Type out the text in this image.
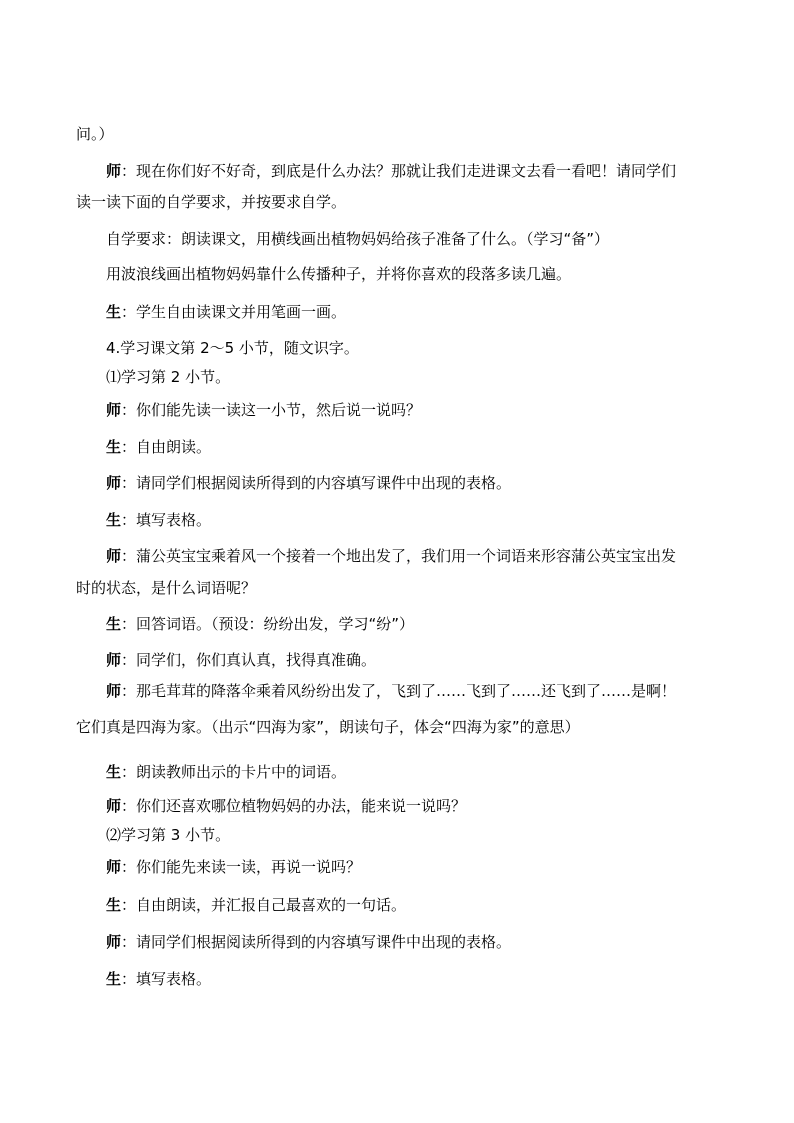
问。）
师：现在你们好不好奇，到底是什么办法？那就让我们走进课文去看一看吧！请同学们
读一读下面的自学要求，并按要求自学。
自学要求：朗读课文，用横线画出植物妈妈给孩子准备了什么。（学习“备”）
用波浪线画出植物妈妈靠什么传播种子，并将你喜欢的段落多读几遍。
生：学生自由读课文并用笔画一画。
4.学习课文第 2～5 小节，随文识字。
⑴学习第 2 小节。
师：你们能先读一读这一小节，然后说一说吗？
生：自由朗读。
师：请同学们根据阅读所得到的内容填写课件中出现的表格。
生：填写表格。
师：蒲公英宝宝乘着风一个接着一个地出发了，我们用一个词语来形容蒲公英宝宝出发
时的状态，是什么词语呢？
生：回答词语。（预设：纷纷出发，学习“纷”）
师：同学们，你们真认真，找得真准确。
师：那毛茸茸的降落伞乘着风纷纷出发了，飞到了……飞到了……还飞到了……是啊！
它们真是四海为家。（出示“四海为家”，朗读句子，体会“四海为家”的意思）
生：朗读教师出示的卡片中的词语。
师：你们还喜欢哪位植物妈妈的办法，能来说一说吗？
⑵学习第 3 小节。
师：你们能先来读一读，再说一说吗？
生：自由朗读，并汇报自己最喜欢的一句话。
师：请同学们根据阅读所得到的内容填写课件中出现的表格。
生：填写表格。
